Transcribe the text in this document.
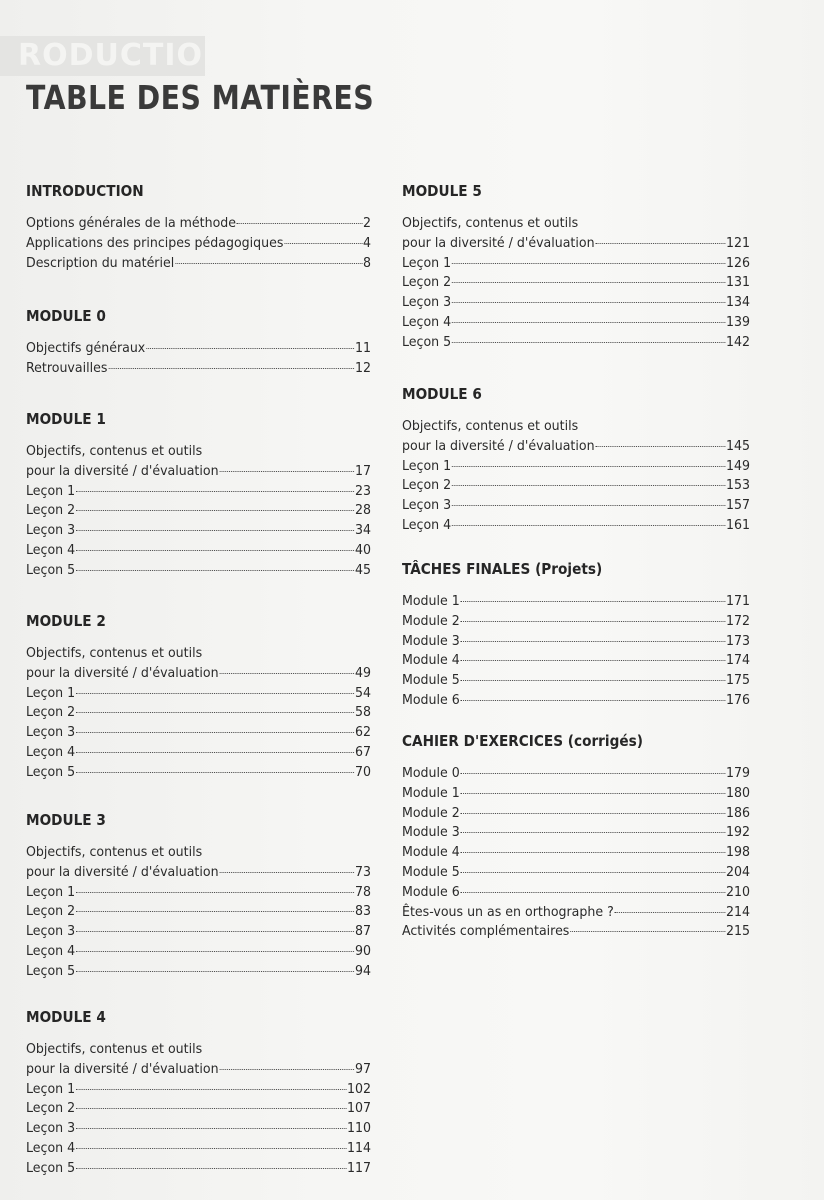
RODUCTION
TABLE DES MATIÈRES
INTRODUCTION
Options générales de la méthode	2
Applications des principes pédagogiques	4
Description du matériel	8
MODULE 0
Objectifs généraux	11
Retrouvailles	12
MODULE 1
Objectifs, contenus et outils
pour la diversité / d'évaluation	17
Leçon 1	23
Leçon 2	28
Leçon 3	34
Leçon 4	40
Leçon 5	45
MODULE 2
Objectifs, contenus et outils
pour la diversité / d'évaluation	49
Leçon 1	54
Leçon 2	58
Leçon 3	62
Leçon 4	67
Leçon 5	70
MODULE 3
Objectifs, contenus et outils
pour la diversité / d'évaluation	73
Leçon 1	78
Leçon 2	83
Leçon 3	87
Leçon 4	90
Leçon 5	94
MODULE 4
Objectifs, contenus et outils
pour la diversité / d'évaluation	97
Leçon 1	102
Leçon 2	107
Leçon 3	110
Leçon 4	114
Leçon 5	117
MODULE 5
Objectifs, contenus et outils
pour la diversité / d'évaluation	121
Leçon 1	126
Leçon 2	131
Leçon 3	134
Leçon 4	139
Leçon 5	142
MODULE 6
Objectifs, contenus et outils
pour la diversité / d'évaluation	145
Leçon 1	149
Leçon 2	153
Leçon 3	157
Leçon 4	161
TÂCHES FINALES (Projets)
Module 1	171
Module 2	172
Module 3	173
Module 4	174
Module 5	175
Module 6	176
CAHIER D'EXERCICES (corrigés)
Module 0	179
Module 1	180
Module 2	186
Module 3	192
Module 4	198
Module 5	204
Module 6	210
Êtes-vous un as en orthographe ?	214
Activités complémentaires	215
